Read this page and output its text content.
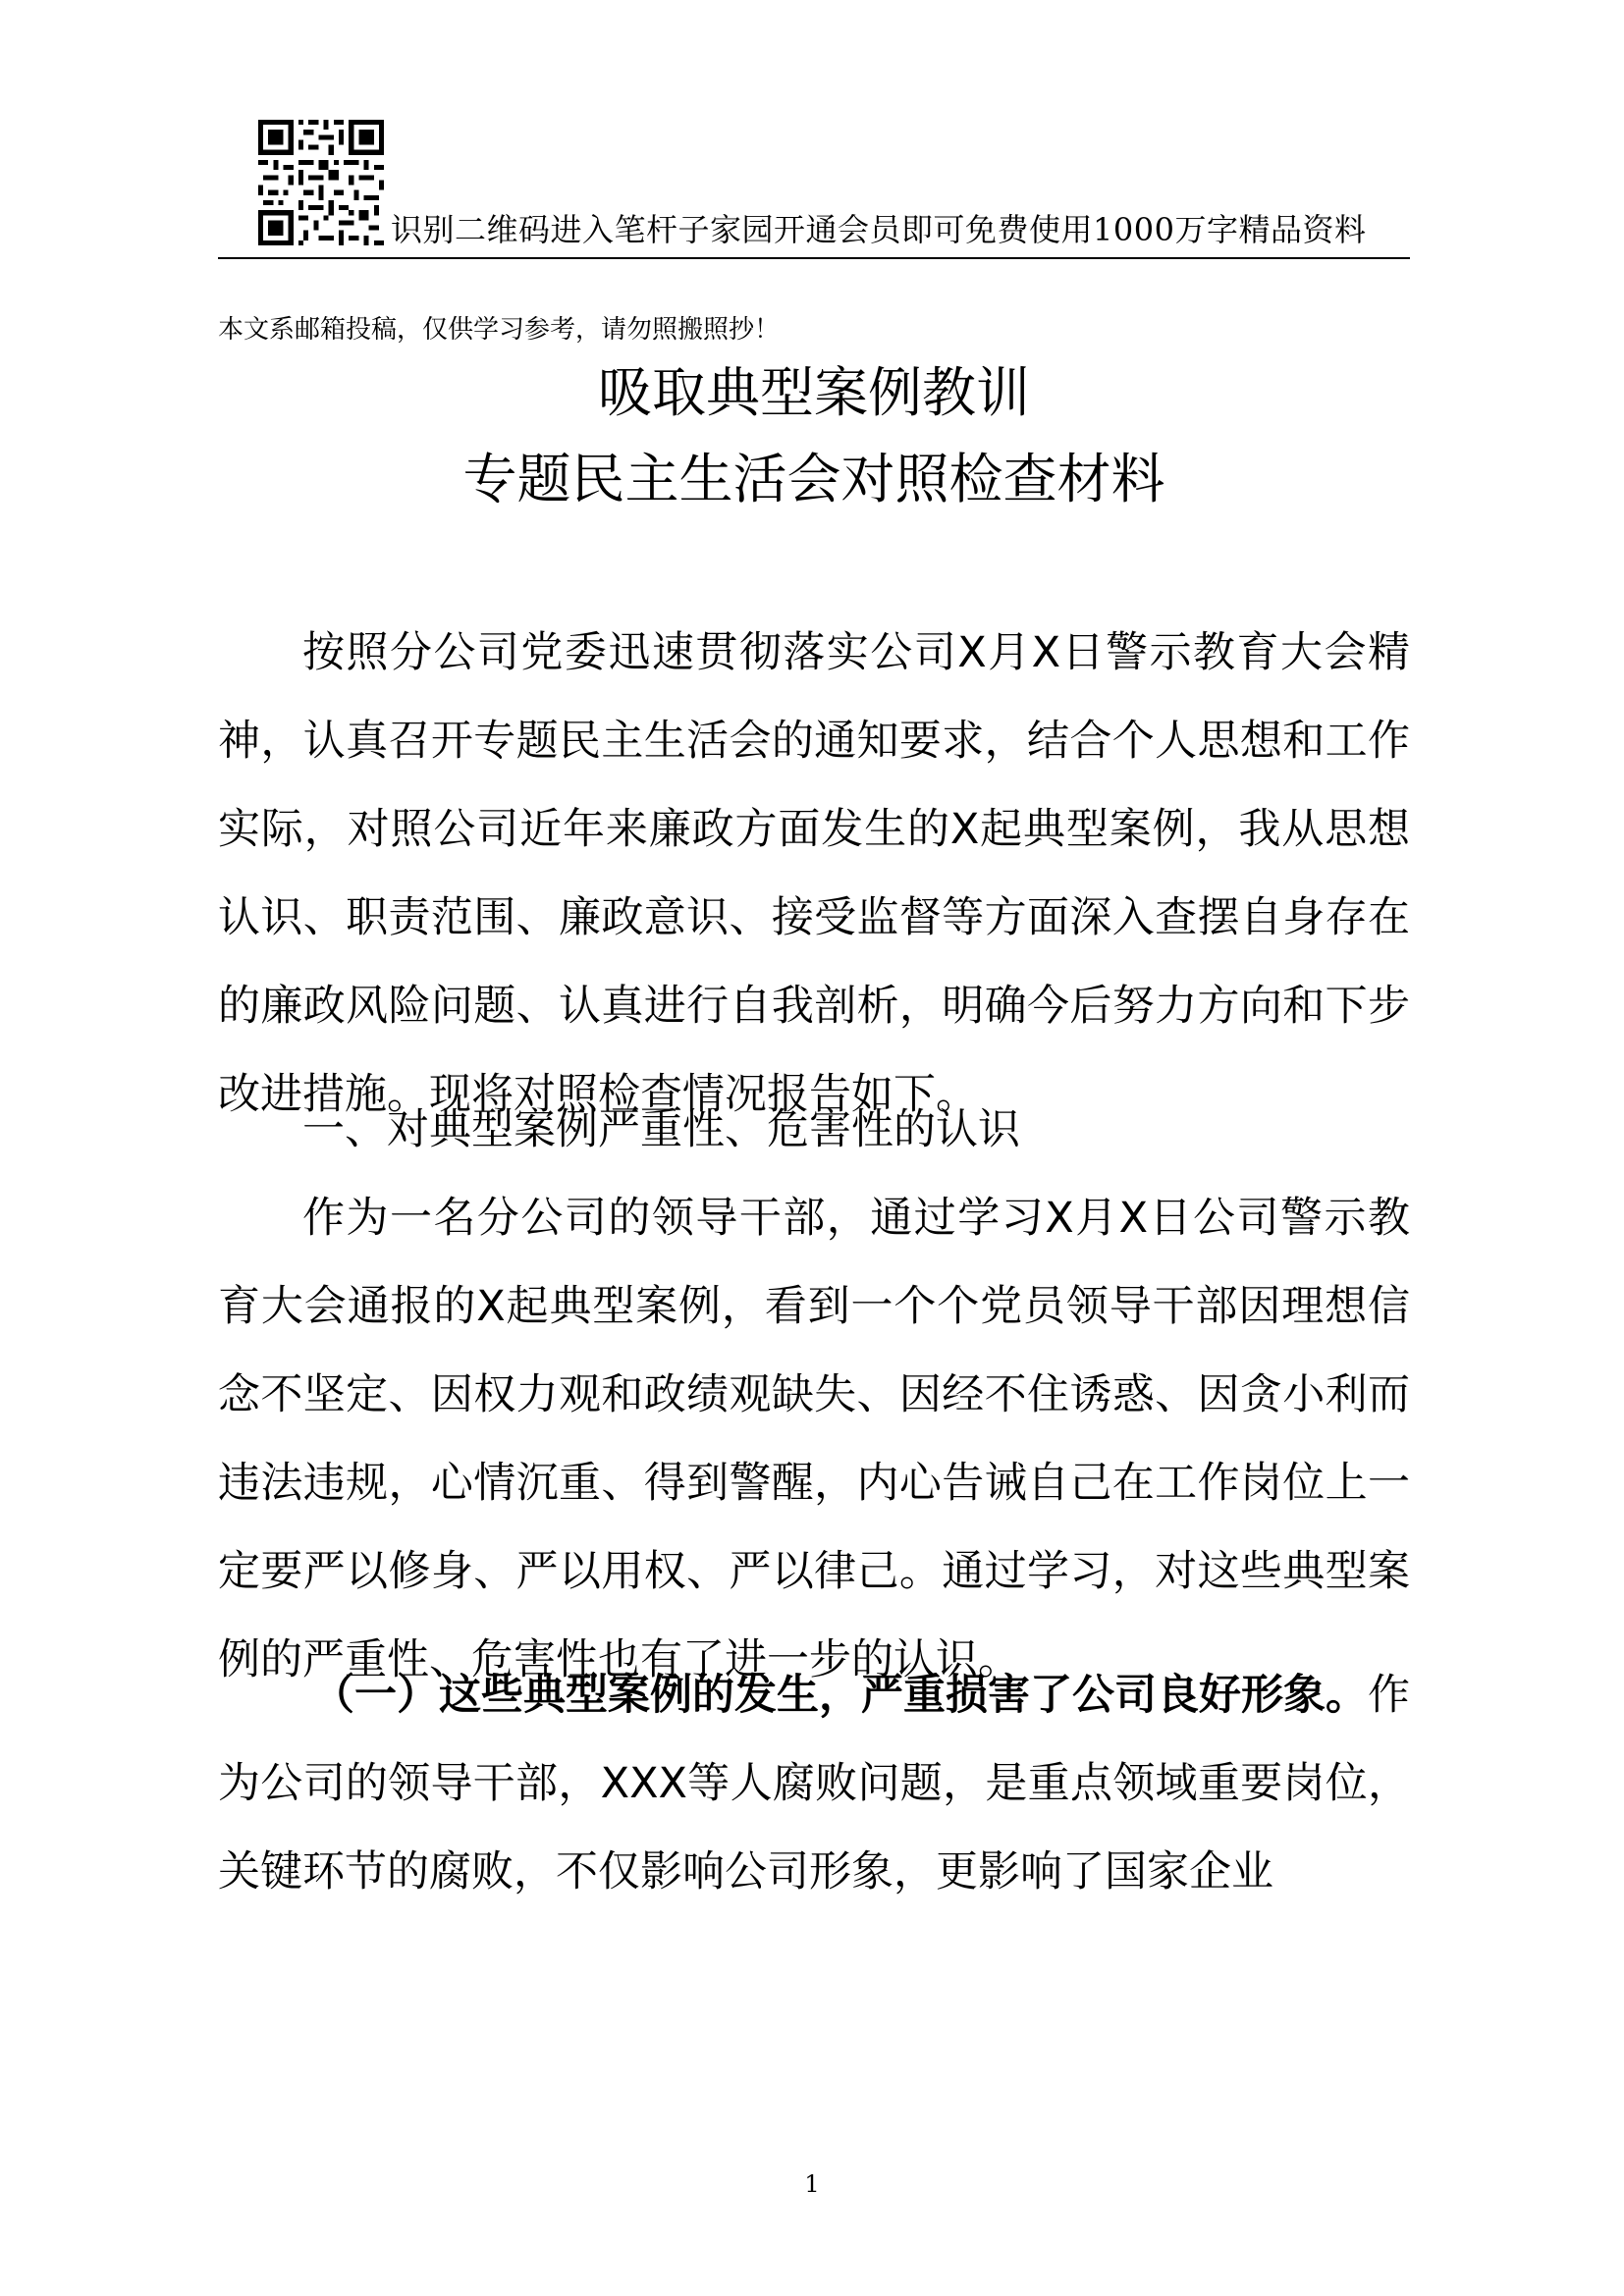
识别二维码进入笔杆子家园开通会员即可免费使用1000万字精品资料
本文系邮箱投稿，仅供学习参考，请勿照搬照抄！
吸取典型案例教训
专题民主生活会对照检查材料

按照分公司党委迅速贯彻落实公司X月X日警示教育大会精神，认真召开专题民主生活会的通知要求，结合个人思想和工作实际，对照公司近年来廉政方面发生的X起典型案例，我从思想认识、职责范围、廉政意识、接受监督等方面深入查摆自身存在的廉政风险问题、认真进行自我剖析，明确今后努力方向和下步改进措施。现将对照检查情况报告如下。

一、对典型案例严重性、危害性的认识

作为一名分公司的领导干部，通过学习X月X日公司警示教育大会通报的X起典型案例，看到一个个党员领导干部因理想信念不坚定、因权力观和政绩观缺失、因经不住诱惑、因贪小利而违法违规，心情沉重、得到警醒，内心告诫自己在工作岗位上一定要严以修身、严以用权、严以律己。通过学习，对这些典型案例的严重性、危害性也有了进一步的认识。

（一）这些典型案例的发生，严重损害了公司良好形象。作为公司的领导干部，XXX等人腐败问题，是重点领域重要岗位，关键环节的腐败，不仅影响公司形象，更影响了国家企业

1
